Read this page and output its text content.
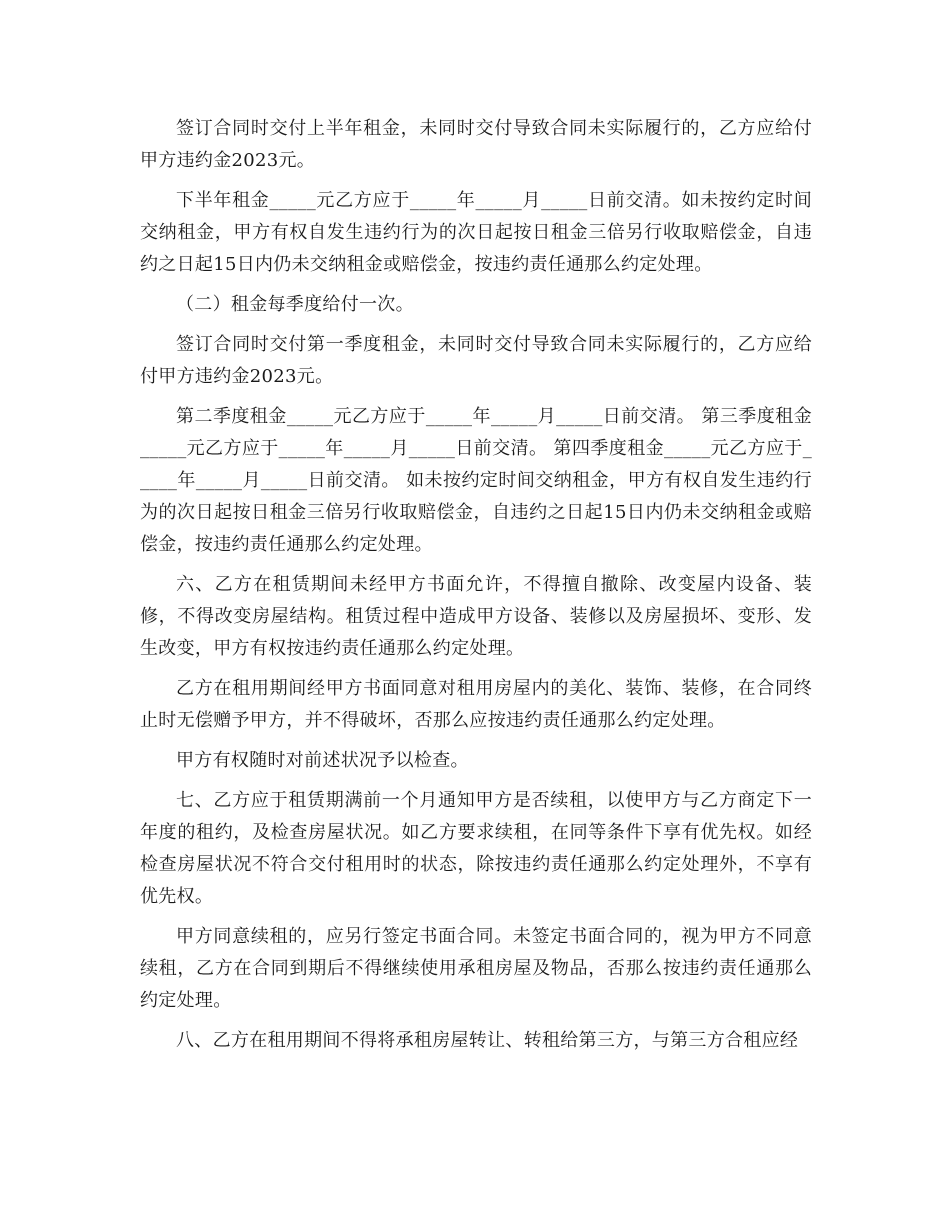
签订合同时交付上半年租金，未同时交付导致合同未实际履行的，乙方应给付甲方违约金2023元。

下半年租金_____元乙方应于_____年_____月_____日前交清。如未按约定时间交纳租金，甲方有权自发生违约行为的次日起按日租金三倍另行收取赔偿金，自违约之日起15日内仍未交纳租金或赔偿金，按违约责任通那么约定处理。

（二）租金每季度给付一次。

签订合同时交付第一季度租金，未同时交付导致合同未实际履行的，乙方应给付甲方违约金2023元。

第二季度租金_____元乙方应于_____年_____月_____日前交清。 第三季度租金_____元乙方应于_____年_____月_____日前交清。 第四季度租金_____元乙方应于_____年_____月_____日前交清。 如未按约定时间交纳租金，甲方有权自发生违约行为的次日起按日租金三倍另行收取赔偿金，自违约之日起15日内仍未交纳租金或赔偿金，按违约责任通那么约定处理。

六、乙方在租赁期间未经甲方书面允许，不得擅自撤除、改变屋内设备、装修，不得改变房屋结构。租赁过程中造成甲方设备、装修以及房屋损坏、变形、发生改变，甲方有权按违约责任通那么约定处理。

乙方在租用期间经甲方书面同意对租用房屋内的美化、装饰、装修，在合同终止时无偿赠予甲方，并不得破坏，否那么应按违约责任通那么约定处理。

甲方有权随时对前述状况予以检查。

七、乙方应于租赁期满前一个月通知甲方是否续租，以使甲方与乙方商定下一年度的租约，及检查房屋状况。如乙方要求续租，在同等条件下享有优先权。如经检查房屋状况不符合交付租用时的状态，除按违约责任通那么约定处理外，不享有优先权。

甲方同意续租的，应另行签定书面合同。未签定书面合同的，视为甲方不同意续租，乙方在合同到期后不得继续使用承租房屋及物品，否那么按违约责任通那么约定处理。

八、乙方在租用期间不得将承租房屋转让、转租给第三方，与第三方合租应经
